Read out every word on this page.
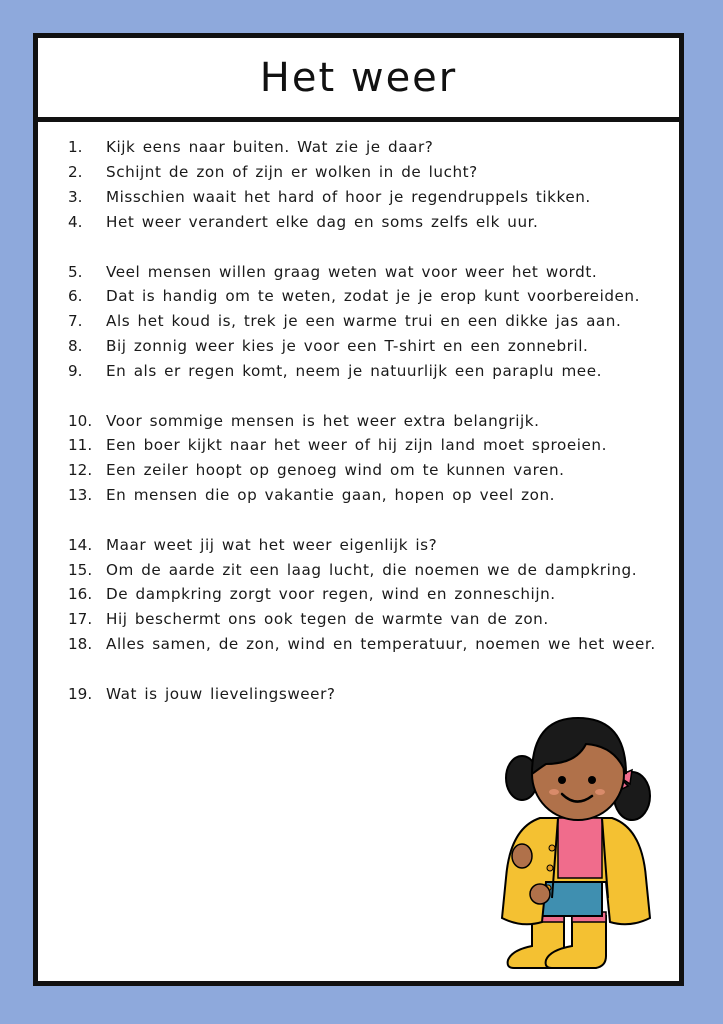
Het weer
1.	Kijk eens naar buiten. Wat zie je daar?
2.	Schijnt de zon of zijn er wolken in de lucht?
3.	Misschien waait het hard of hoor je regendruppels tikken.
4.	Het weer verandert elke dag en soms zelfs elk uur.
5.	Veel mensen willen graag weten wat voor weer het wordt.
6.	Dat is handig om te weten, zodat je je erop kunt voorbereiden.
7.	Als het koud is, trek je een warme trui en een dikke jas aan.
8.	Bij zonnig weer kies je voor een T-shirt en een zonnebril.
9.	En als er regen komt, neem je natuurlijk een paraplu mee.
10. Voor sommige mensen is het weer extra belangrijk.
11. Een boer kijkt naar het weer of hij zijn land moet sproeien.
12. Een zeiler hoopt op genoeg wind om te kunnen varen.
13. En mensen die op vakantie gaan, hopen op veel zon.
14. Maar weet jij wat het weer eigenlijk is?
15. Om de aarde zit een laag lucht, die noemen we de dampkring.
16. De dampkring zorgt voor regen, wind en zonneschijn.
17. Hij beschermt ons ook tegen de warmte van de zon.
18. Alles samen, de zon, wind en temperatuur, noemen we het weer.
19. Wat is jouw lievelingsweer?
